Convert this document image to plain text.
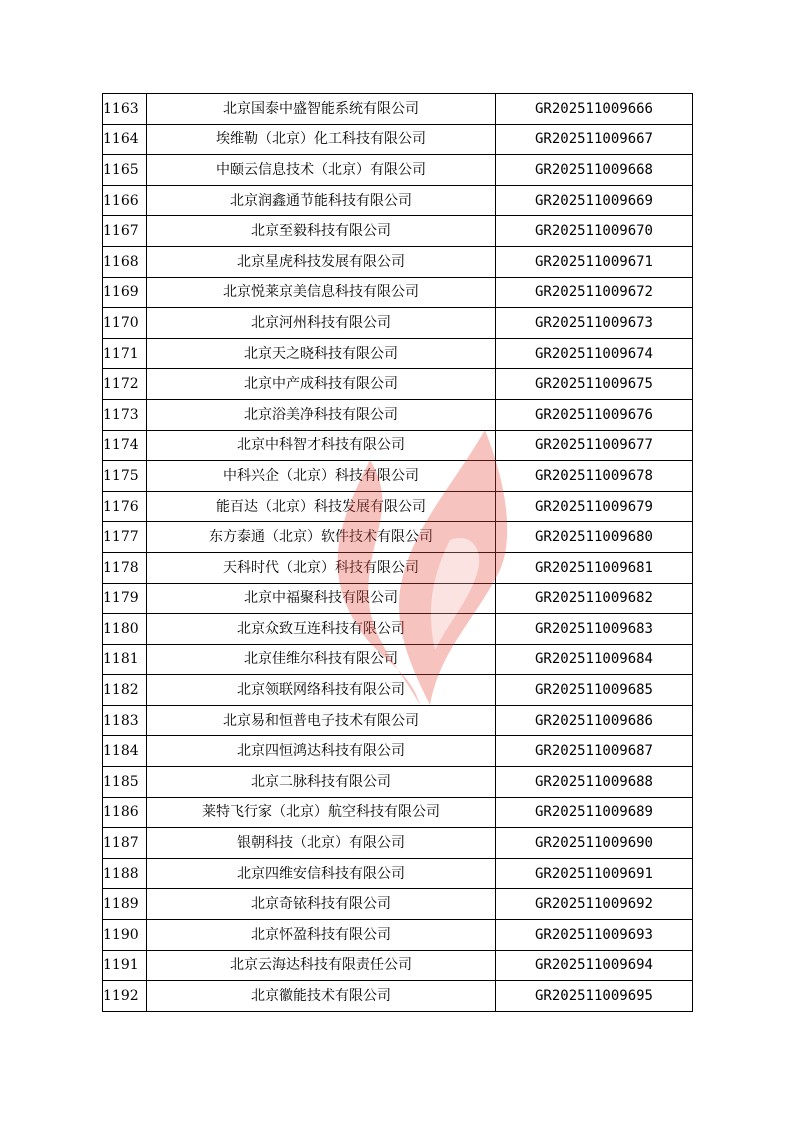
1163	北京国泰中盛智能系统有限公司	GR202511009666
1164	埃维勒（北京）化工科技有限公司	GR202511009667
1165	中颐云信息技术（北京）有限公司	GR202511009668
1166	北京润鑫通节能科技有限公司	GR202511009669
1167	北京至毅科技有限公司	GR202511009670
1168	北京星虎科技发展有限公司	GR202511009671
1169	北京悦莱京美信息科技有限公司	GR202511009672
1170	北京河州科技有限公司	GR202511009673
1171	北京天之晓科技有限公司	GR202511009674
1172	北京中产成科技有限公司	GR202511009675
1173	北京浴美净科技有限公司	GR202511009676
1174	北京中科智才科技有限公司	GR202511009677
1175	中科兴企（北京）科技有限公司	GR202511009678
1176	能百达（北京）科技发展有限公司	GR202511009679
1177	东方泰通（北京）软件技术有限公司	GR202511009680
1178	天科时代（北京）科技有限公司	GR202511009681
1179	北京中福聚科技有限公司	GR202511009682
1180	北京众致互连科技有限公司	GR202511009683
1181	北京佳维尔科技有限公司	GR202511009684
1182	北京领联网络科技有限公司	GR202511009685
1183	北京易和恒普电子技术有限公司	GR202511009686
1184	北京四恒鸿达科技有限公司	GR202511009687
1185	北京二脉科技有限公司	GR202511009688
1186	莱特飞行家（北京）航空科技有限公司	GR202511009689
1187	银朝科技（北京）有限公司	GR202511009690
1188	北京四维安信科技有限公司	GR202511009691
1189	北京奇铱科技有限公司	GR202511009692
1190	北京怀盈科技有限公司	GR202511009693
1191	北京云海达科技有限责任公司	GR202511009694
1192	北京徽能技术有限公司	GR202511009695
